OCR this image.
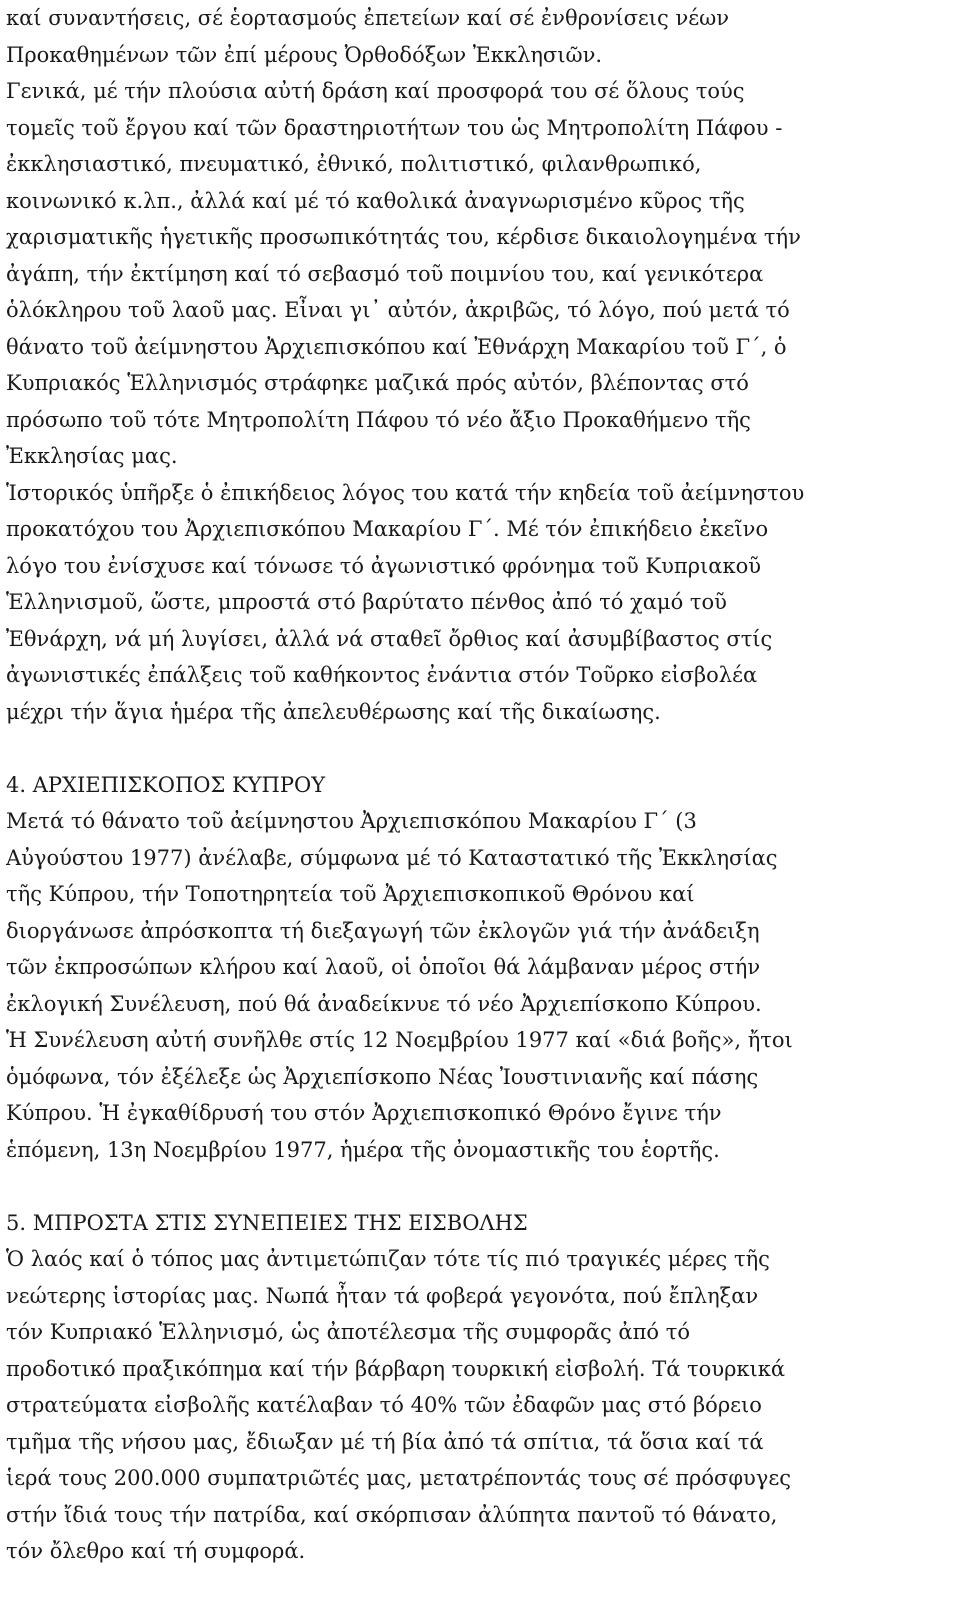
καί συναντήσεις, σέ ἑορτασμούς ἐπετείων καί σέ ἐνθρονίσεις νέων
Προκαθημένων τῶν ἐπί μέρους Ὀρθοδόξων Ἐκκλησιῶν.
Γενικά, μέ τήν πλούσια αὐτή δράση καί προσφορά του σέ ὅλους τούς
τομεῖς τοῦ ἔργου καί τῶν δραστηριοτήτων του ὡς Μητροπολίτη Πάφου -
ἐκκλησιαστικό, πνευματικό, ἐθνικό, πολιτιστικό, φιλανθρωπικό,
κοινωνικό κ.λπ., ἀλλά καί μέ τό καθολικά ἀναγνωρισμένο κῦρος τῆς
χαρισματικῆς ἡγετικῆς προσωπικότητάς του, κέρδισε δικαιολογημένα τήν
ἀγάπη, τήν ἐκτίμηση καί τό σεβασμό τοῦ ποιμνίου του, καί γενικότερα
ὁλόκληρου τοῦ λαοῦ μας. Εἶναι γι᾿ αὐτόν, ἀκριβῶς, τό λόγο, πού μετά τό
θάνατο τοῦ ἀείμνηστου Ἀρχιεπισκόπου καί Ἐθνάρχη Μακαρίου τοῦ Γ´, ὁ
Κυπριακός Ἑλληνισμός στράφηκε μαζικά πρός αὐτόν, βλέποντας στό
πρόσωπο τοῦ τότε Μητροπολίτη Πάφου τό νέο ἄξιο Προκαθήμενο τῆς
Ἐκκλησίας μας.
Ἱστορικός ὑπῆρξε ὁ ἐπικήδειος λόγος του κατά τήν κηδεία τοῦ ἀείμνηστου
προκατόχου του Ἀρχιεπισκόπου Μακαρίου Γ´. Μέ τόν ἐπικήδειο ἐκεῖνο
λόγο του ἐνίσχυσε καί τόνωσε τό ἀγωνιστικό φρόνημα τοῦ Κυπριακοῦ
Ἑλληνισμοῦ, ὥστε, μπροστά στό βαρύτατο πένθος ἀπό τό χαμό τοῦ
Ἐθνάρχη, νά μή λυγίσει, ἀλλά νά σταθεῖ ὄρθιος καί ἀσυμβίβαστος στίς
ἀγωνιστικές ἐπάλξεις τοῦ καθήκοντος ἐνάντια στόν Τοῦρκο εἰσβολέα
μέχρι τήν ἅγια ἡμέρα τῆς ἀπελευθέρωσης καί τῆς δικαίωσης.
4. ΑΡΧΙΕΠΙΣΚΟΠΟΣ ΚΥΠΡΟΥ
Μετά τό θάνατο τοῦ ἀείμνηστου Ἀρχιεπισκόπου Μακαρίου Γ´ (3
Αὐγούστου 1977) ἀνέλαβε, σύμφωνα μέ τό Καταστατικό τῆς Ἐκκλησίας
τῆς Κύπρου, τήν Τοποτηρητεία τοῦ Ἀρχιεπισκοπικοῦ Θρόνου καί
διοργάνωσε ἀπρόσκοπτα τή διεξαγωγή τῶν ἐκλογῶν γιά τήν ἀνάδειξη
τῶν ἐκπροσώπων κλήρου καί λαοῦ, οἱ ὁποῖοι θά λάμβαναν μέρος στήν
ἐκλογική Συνέλευση, πού θά ἀναδείκνυε τό νέο Ἀρχιεπίσκοπο Κύπρου.
Ἡ Συνέλευση αὐτή συνῆλθε στίς 12 Νοεμβρίου 1977 καί «διά βοῆς», ἤτοι
ὁμόφωνα, τόν ἐξέλεξε ὡς Ἀρχιεπίσκοπο Νέας Ἰουστινιανῆς καί πάσης
Κύπρου. Ἡ ἐγκαθίδρυσή του στόν Ἀρχιεπισκοπικό Θρόνο ἔγινε τήν
ἑπόμενη, 13η Νοεμβρίου 1977, ἡμέρα τῆς ὀνομαστικῆς του ἑορτῆς.
5. ΜΠΡΟΣΤΑ ΣΤΙΣ ΣΥΝΕΠΕΙΕΣ ΤΗΣ ΕΙΣΒΟΛΗΣ
Ὁ λαός καί ὁ τόπος μας ἀντιμετώπιζαν τότε τίς πιό τραγικές μέρες τῆς
νεώτερης ἱστορίας μας. Νωπά ἦταν τά φοβερά γεγονότα, πού ἔπληξαν
τόν Κυπριακό Ἑλληνισμό, ὡς ἀποτέλεσμα τῆς συμφορᾶς ἀπό τό
προδοτικό πραξικόπημα καί τήν βάρβαρη τουρκική εἰσβολή. Τά τουρκικά
στρατεύματα εἰσβολῆς κατέλαβαν τό 40% τῶν ἐδαφῶν μας στό βόρειο
τμῆμα τῆς νήσου μας, ἔδιωξαν μέ τή βία ἀπό τά σπίτια, τά ὅσια καί τά
ἱερά τους 200.000 συμπατριῶτές μας, μετατρέποντάς τους σέ πρόσφυγες
στήν ἴδιά τους τήν πατρίδα, καί σκόρπισαν ἀλύπητα παντοῦ τό θάνατο,
τόν ὄλεθρο καί τή συμφορά.
